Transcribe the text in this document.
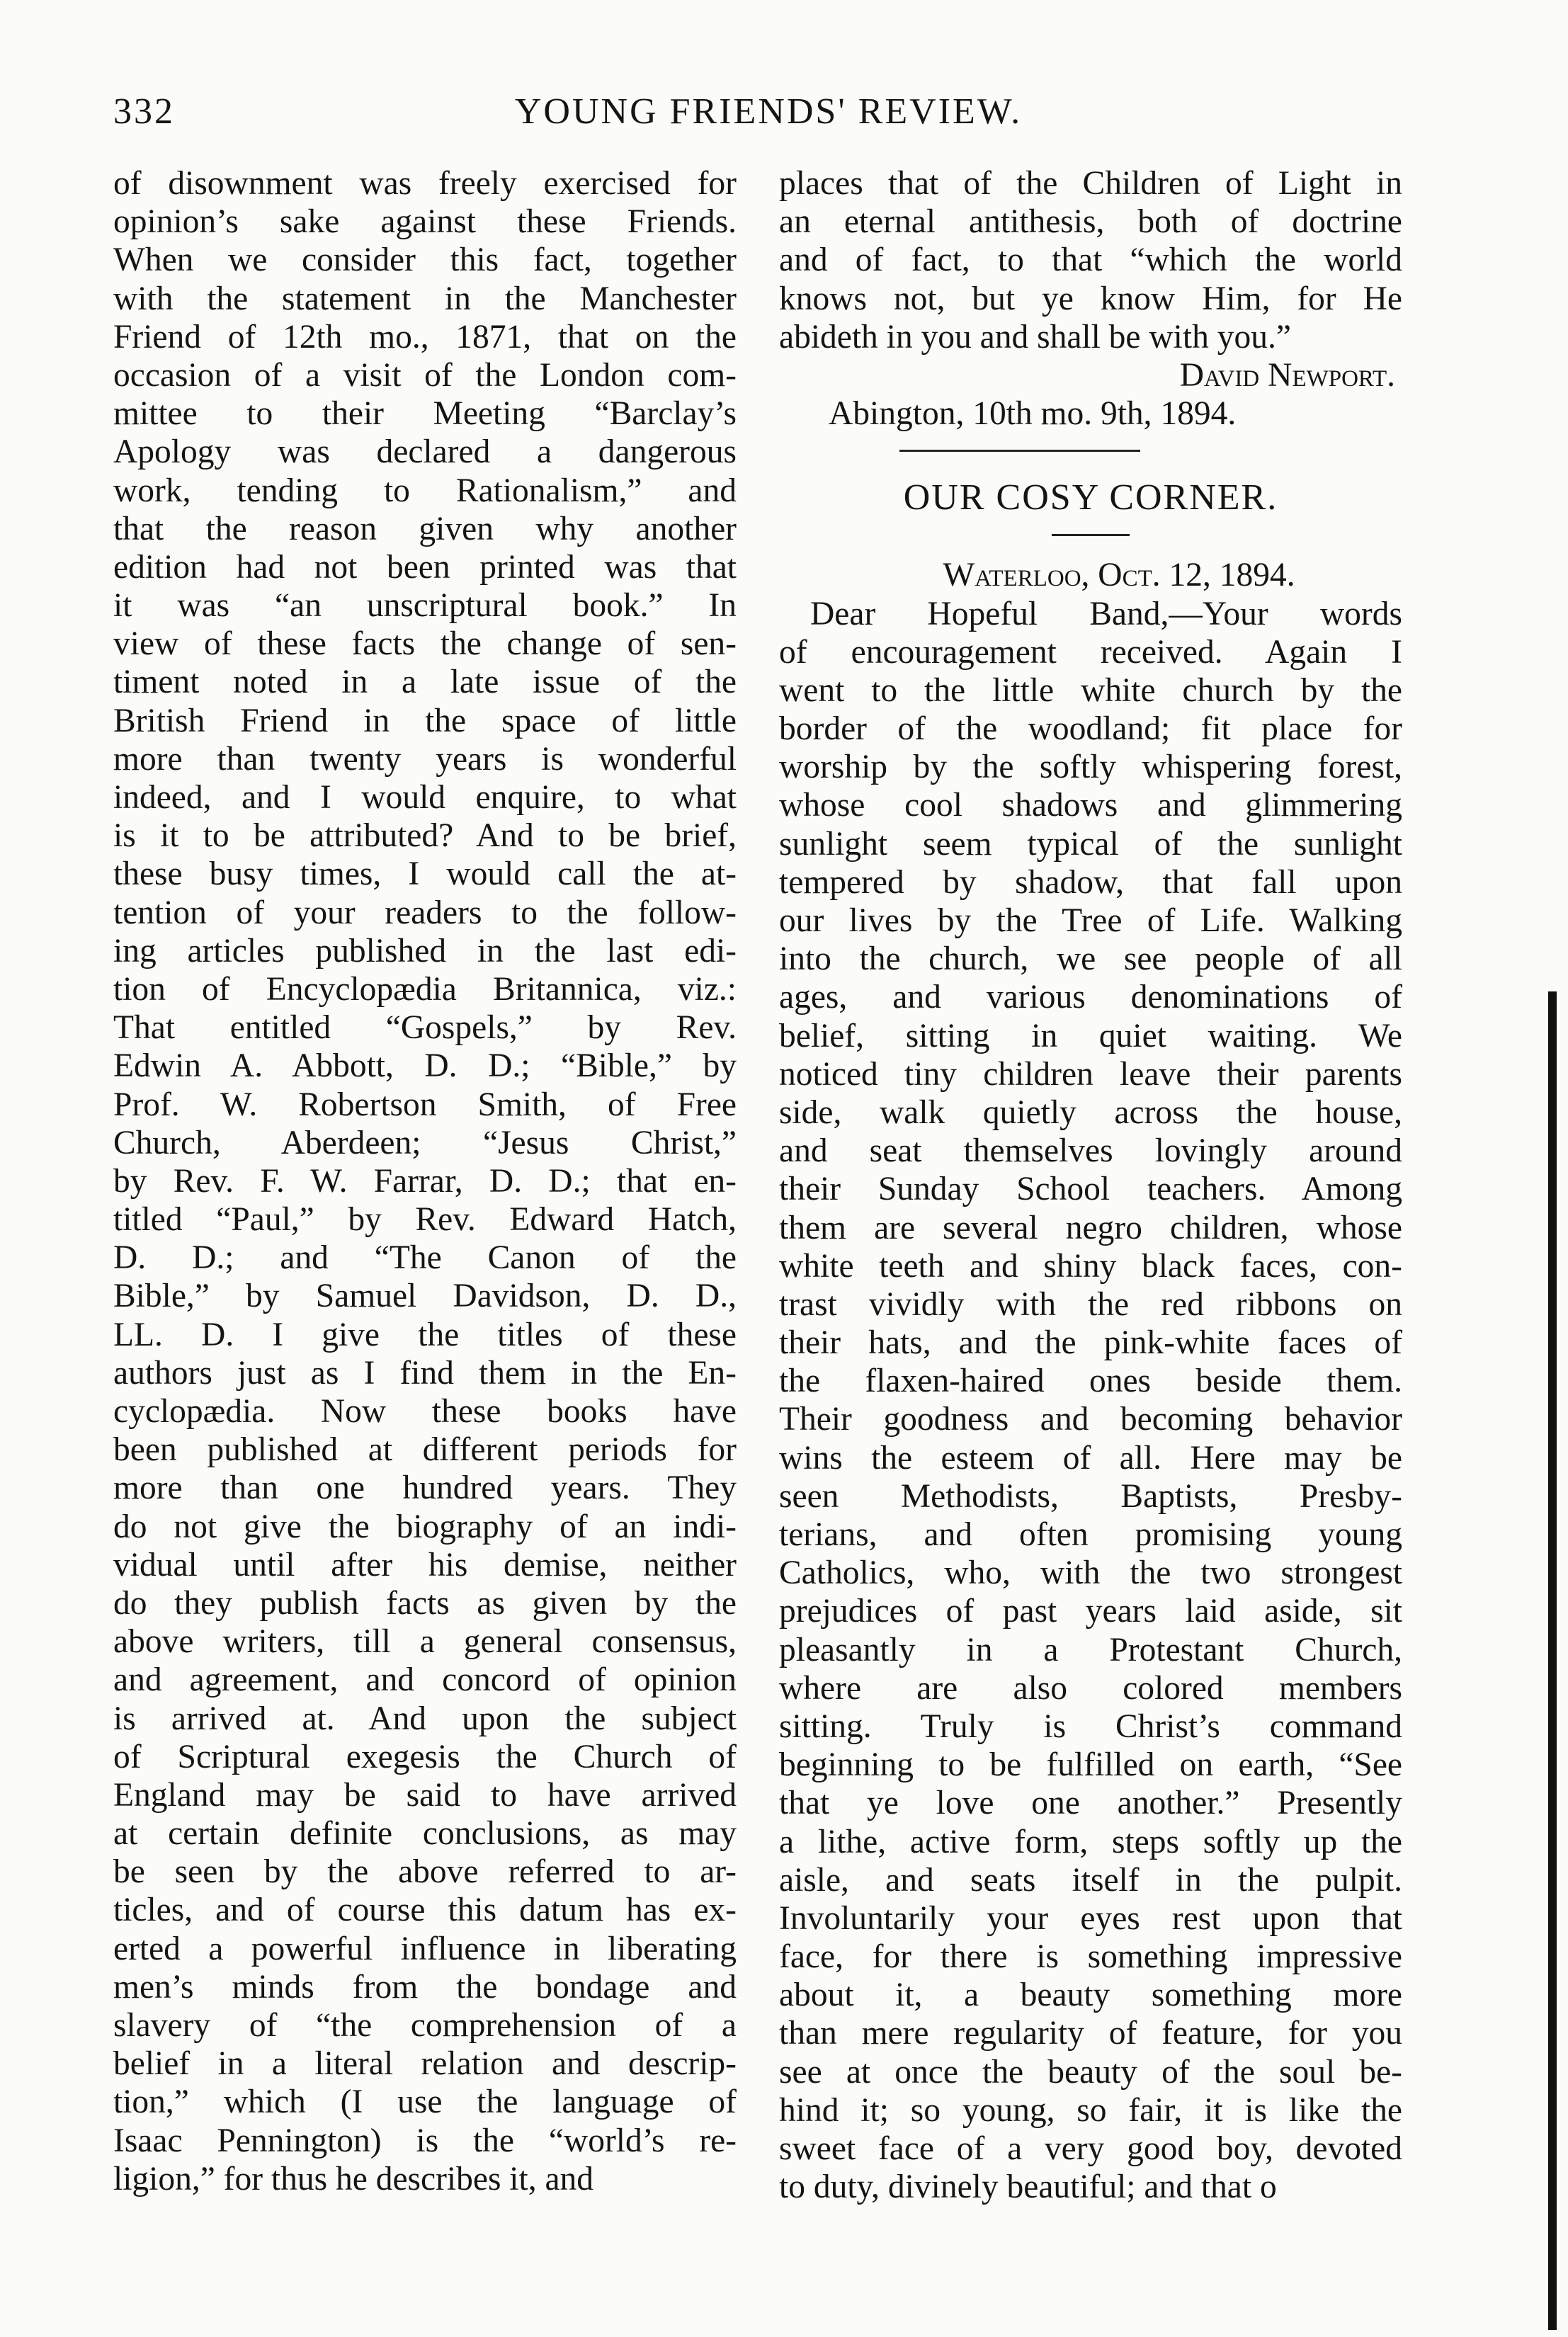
332	YOUNG FRIENDS' REVIEW.
of disownment was freely exercised for
opinion’s sake against these Friends.
When we consider this fact, together
with the statement in the Manchester
Friend of 12th mo., 1871, that on the
occasion of a visit of the London com-
mittee to their Meeting “Barclay’s
Apology was declared a dangerous
work, tending to Rationalism,” and
that the reason given why another
edition had not been printed was that
it was “an unscriptural book.” In
view of these facts the change of sen-
timent noted in a late issue of the
British Friend in the space of little
more than twenty years is wonderful
indeed, and I would enquire, to what
is it to be attributed? And to be brief,
these busy times, I would call the at-
tention of your readers to the follow-
ing articles published in the last edi-
tion of Encyclopædia Britannica, viz.:
That entitled “Gospels,” by Rev.
Edwin A. Abbott, D. D.; “Bible,” by
Prof. W. Robertson Smith, of Free
Church, Aberdeen; “Jesus Christ,”
by Rev. F. W. Farrar, D. D.; that en-
titled “Paul,” by Rev. Edward Hatch,
D. D.; and “The Canon of the
Bible,” by Samuel Davidson, D. D.,
LL. D. I give the titles of these
authors just as I find them in the En-
cyclopædia. Now these books have
been published at different periods for
more than one hundred years. They
do not give the biography of an indi-
vidual until after his demise, neither
do they publish facts as given by the
above writers, till a general consensus,
and agreement, and concord of opinion
is arrived at. And upon the subject
of Scriptural exegesis the Church of
England may be said to have arrived
at certain definite conclusions, as may
be seen by the above referred to ar-
ticles, and of course this datum has ex-
erted a powerful influence in liberating
men’s minds from the bondage and
slavery of “the comprehension of a
belief in a literal relation and descrip-
tion,” which (I use the language of
Isaac Pennington) is the “world’s re-
ligion,” for thus he describes it, and
places that of the Children of Light in
an eternal antithesis, both of doctrine
and of fact, to that “which the world
knows not, but ye know Him, for He
abideth in you and shall be with you.”
David Newport.
Abington, 10th mo. 9th, 1894.
OUR COSY CORNER.
Waterloo, Oct. 12, 1894.
Dear Hopeful Band,—Your words
of encouragement received. Again I
went to the little white church by the
border of the woodland; fit place for
worship by the softly whispering forest,
whose cool shadows and glimmering
sunlight seem typical of the sunlight
tempered by shadow, that fall upon
our lives by the Tree of Life. Walking
into the church, we see people of all
ages, and various denominations of
belief, sitting in quiet waiting. We
noticed tiny children leave their parents
side, walk quietly across the house,
and seat themselves lovingly around
their Sunday School teachers. Among
them are several negro children, whose
white teeth and shiny black faces, con-
trast vividly with the red ribbons on
their hats, and the pink-white faces of
the flaxen-haired ones beside them.
Their goodness and becoming behavior
wins the esteem of all. Here may be
seen Methodists, Baptists, Presby-
terians, and often promising young
Catholics, who, with the two strongest
prejudices of past years laid aside, sit
pleasantly in a Protestant Church,
where are also colored members
sitting. Truly is Christ’s command
beginning to be fulfilled on earth, “See
that ye love one another.” Presently
a lithe, active form, steps softly up the
aisle, and seats itself in the pulpit.
Involuntarily your eyes rest upon that
face, for there is something impressive
about it, a beauty something more
than mere regularity of feature, for you
see at once the beauty of the soul be-
hind it; so young, so fair, it is like the
sweet face of a very good boy, devoted
to duty, divinely beautiful; and that o
